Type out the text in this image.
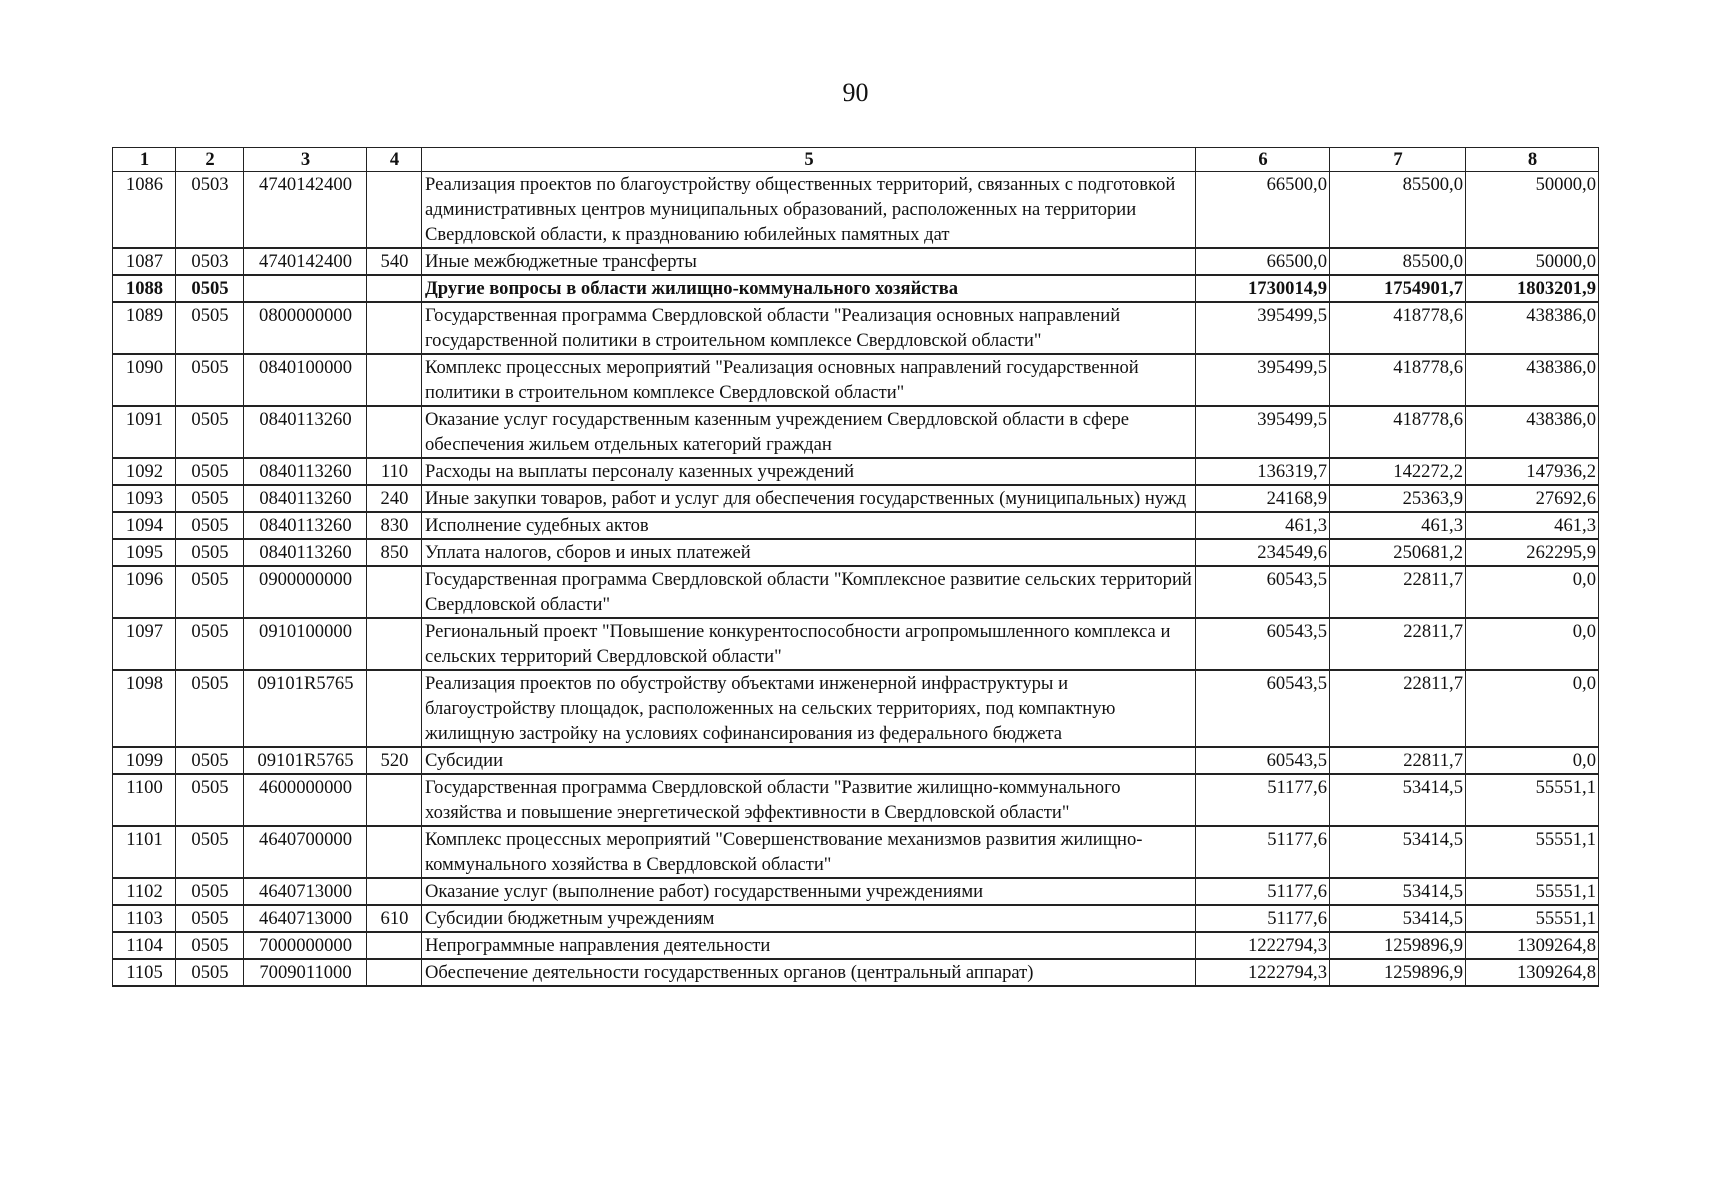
90
1	2	3	4	5	6	7	8
1086	0503	4740142400		Реализация проектов по благоустройству общественных территорий, связанных с подготовкой административных центров муниципальных образований, расположенных на территории Свердловской области, к празднованию юбилейных памятных дат	66500,0	85500,0	50000,0
1087	0503	4740142400	540	Иные межбюджетные трансферты	66500,0	85500,0	50000,0
1088	0505			Другие вопросы в области жилищно-коммунального хозяйства	1730014,9	1754901,7	1803201,9
1089	0505	0800000000		Государственная программа Свердловской области "Реализация основных направлений государственной политики в строительном комплексе Свердловской области"	395499,5	418778,6	438386,0
1090	0505	0840100000		Комплекс процессных мероприятий "Реализация основных направлений государственной политики в строительном комплексе Свердловской области"	395499,5	418778,6	438386,0
1091	0505	0840113260		Оказание услуг государственным казенным учреждением Свердловской области в сфере обеспечения жильем отдельных категорий граждан	395499,5	418778,6	438386,0
1092	0505	0840113260	110	Расходы на выплаты персоналу казенных учреждений	136319,7	142272,2	147936,2
1093	0505	0840113260	240	Иные закупки товаров, работ и услуг для обеспечения государственных (муниципальных) нужд	24168,9	25363,9	27692,6
1094	0505	0840113260	830	Исполнение судебных актов	461,3	461,3	461,3
1095	0505	0840113260	850	Уплата налогов, сборов и иных платежей	234549,6	250681,2	262295,9
1096	0505	0900000000		Государственная программа Свердловской области "Комплексное развитие сельских территорий Свердловской области"	60543,5	22811,7	0,0
1097	0505	0910100000		Региональный проект "Повышение конкурентоспособности агропромышленного комплекса и сельских территорий Свердловской области"	60543,5	22811,7	0,0
1098	0505	09101R5765		Реализация проектов по обустройству объектами инженерной инфраструктуры и благоустройству площадок, расположенных на сельских территориях, под компактную жилищную застройку на условиях софинансирования из федерального бюджета	60543,5	22811,7	0,0
1099	0505	09101R5765	520	Субсидии	60543,5	22811,7	0,0
1100	0505	4600000000		Государственная программа Свердловской области "Развитие жилищно-коммунального хозяйства и повышение энергетической эффективности в Свердловской области"	51177,6	53414,5	55551,1
1101	0505	4640700000		Комплекс процессных мероприятий "Совершенствование механизмов развития жилищно-коммунального хозяйства в Свердловской области"	51177,6	53414,5	55551,1
1102	0505	4640713000		Оказание услуг (выполнение работ) государственными учреждениями	51177,6	53414,5	55551,1
1103	0505	4640713000	610	Субсидии бюджетным учреждениям	51177,6	53414,5	55551,1
1104	0505	7000000000		Непрограммные направления деятельности	1222794,3	1259896,9	1309264,8
1105	0505	7009011000		Обеспечение деятельности государственных органов (центральный аппарат)	1222794,3	1259896,9	1309264,8
